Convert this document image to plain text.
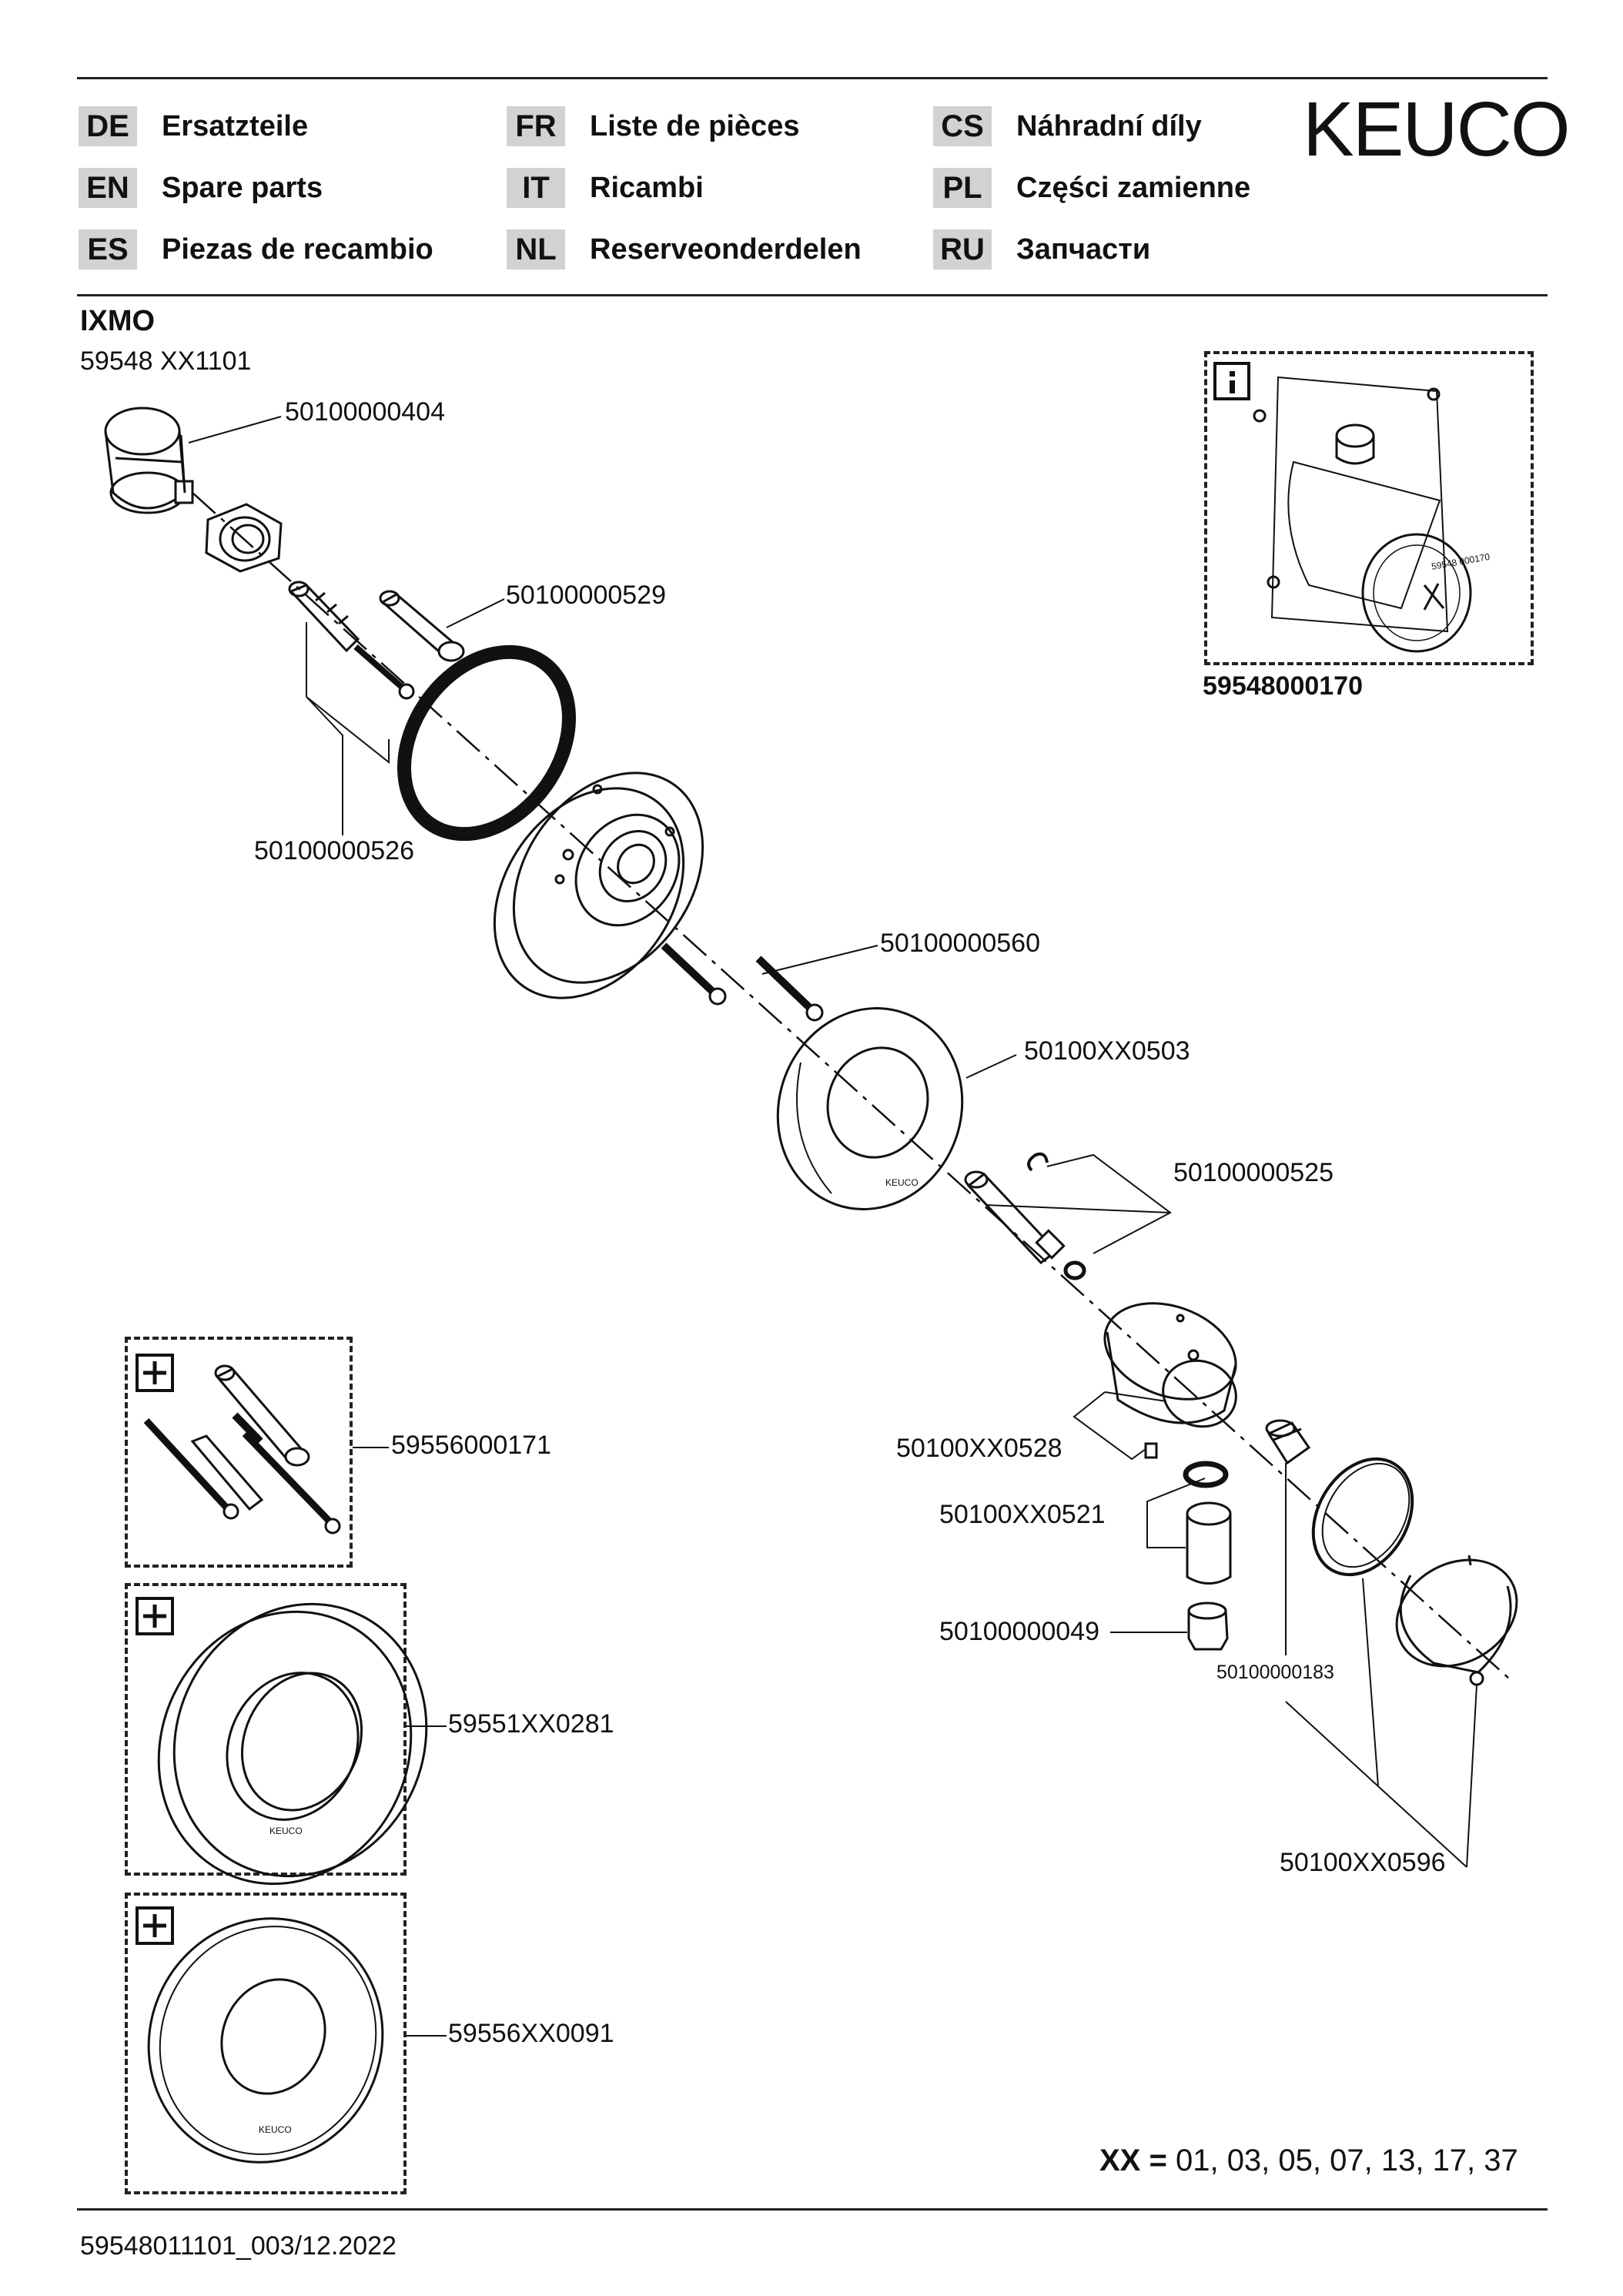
DE Ersatzteile
EN Spare parts
ES Piezas de recambio
FR Liste de pièces
IT	Ricambi
NL Reserveonderdelen
CS Náhradní díly
PL	Części zamienne
RU Запчасти
KEUCO
IXMO
59548 XX1101
KEUCO
KEUCO
KEUCO
59548 000170
50100000404
50100000529
50100000526
50100000560
50100XX0503
50100000525
50100XX0528
50100XX0521
50100000049
50100000183
50100XX0596
59548000170
59556000171
59551XX0281
59556XX0091
XX = 01, 03, 05, 07, 13, 17, 37
59548011101_003/12.2022
